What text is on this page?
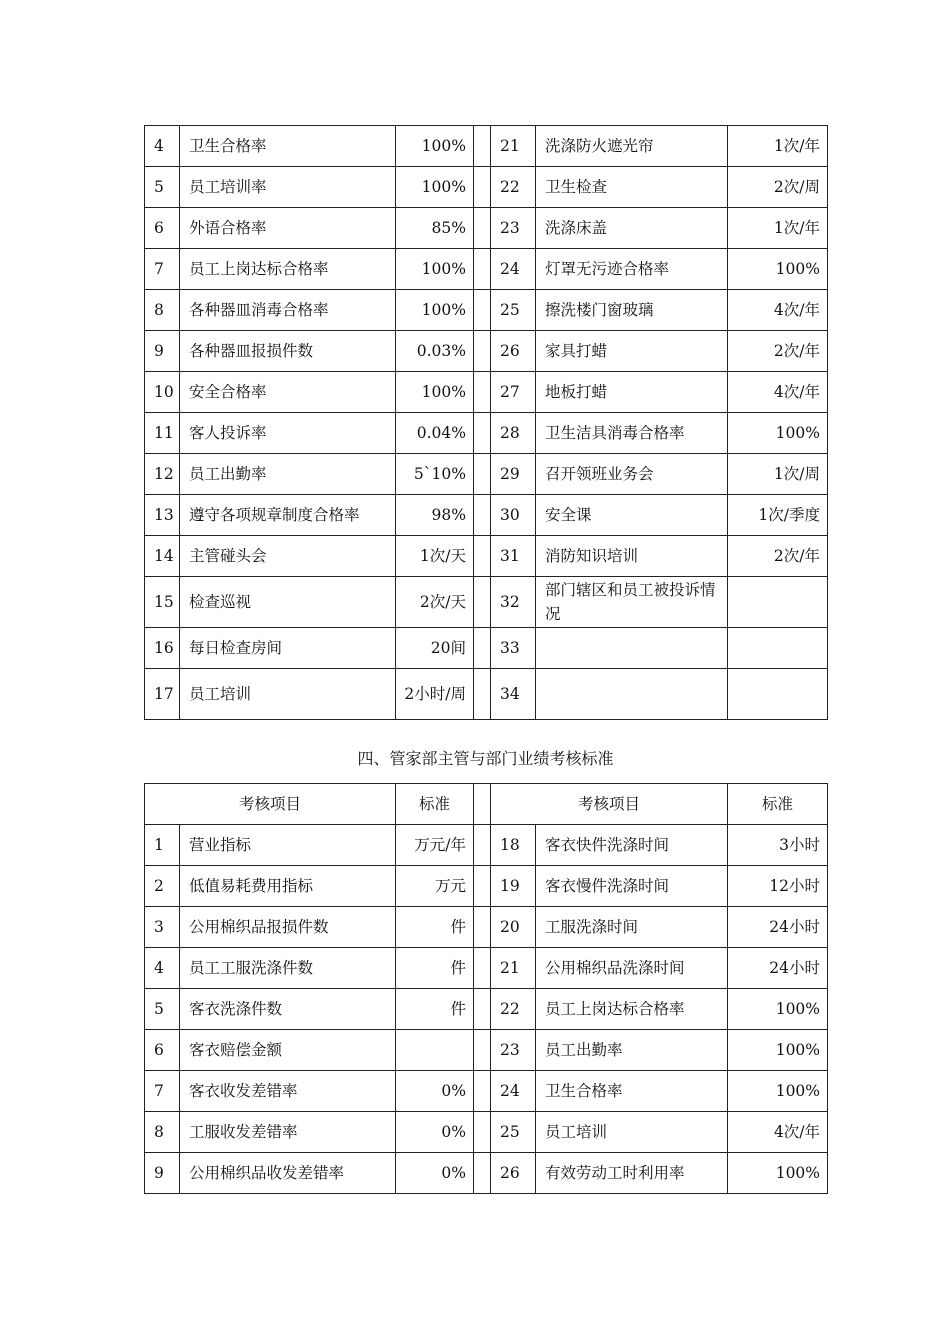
4	卫生合格率	100%		21	洗涤防火遮光帘	1次/年
5	员工培训率	100%		22	卫生检查	2次/周
6	外语合格率	85%		23	洗涤床盖	1次/年
7	员工上岗达标合格率	100%		24	灯罩无污迹合格率	100%
8	各种器皿消毒合格率	100%		25	擦洗楼门窗玻璃	4次/年
9	各种器皿报损件数	0.03%		26	家具打蜡	2次/年
10	安全合格率	100%		27	地板打蜡	4次/年
11	客人投诉率	0.04%		28	卫生洁具消毒合格率	100%
12	员工出勤率	5`10%		29	召开领班业务会	1次/周
13	遵守各项规章制度合格率	98%		30	安全课	1次/季度
14	主管碰头会	1次/天		31	消防知识培训	2次/年
15	检查巡视	2次/天		32	部门辖区和员工被投诉情况	
16	每日检查房间	20间		33		
17	员工培训	2小时/周		34		
四、管家部主管与部门业绩考核标准
考核项目		标准		考核项目		标准
1	营业指标	万元/年		18	客衣快件洗涤时间	3小时
2	低值易耗费用指标	万元		19	客衣慢件洗涤时间	12小时
3	公用棉织品报损件数	件		20	工服洗涤时间	24小时
4	员工工服洗涤件数	件		21	公用棉织品洗涤时间	24小时
5	客衣洗涤件数	件		22	员工上岗达标合格率	100%
6	客衣赔偿金额			23	员工出勤率	100%
7	客衣收发差错率	0%		24	卫生合格率	100%
8	工服收发差错率	0%		25	员工培训	4次/年
9	公用棉织品收发差错率	0%		26	有效劳动工时利用率	100%
